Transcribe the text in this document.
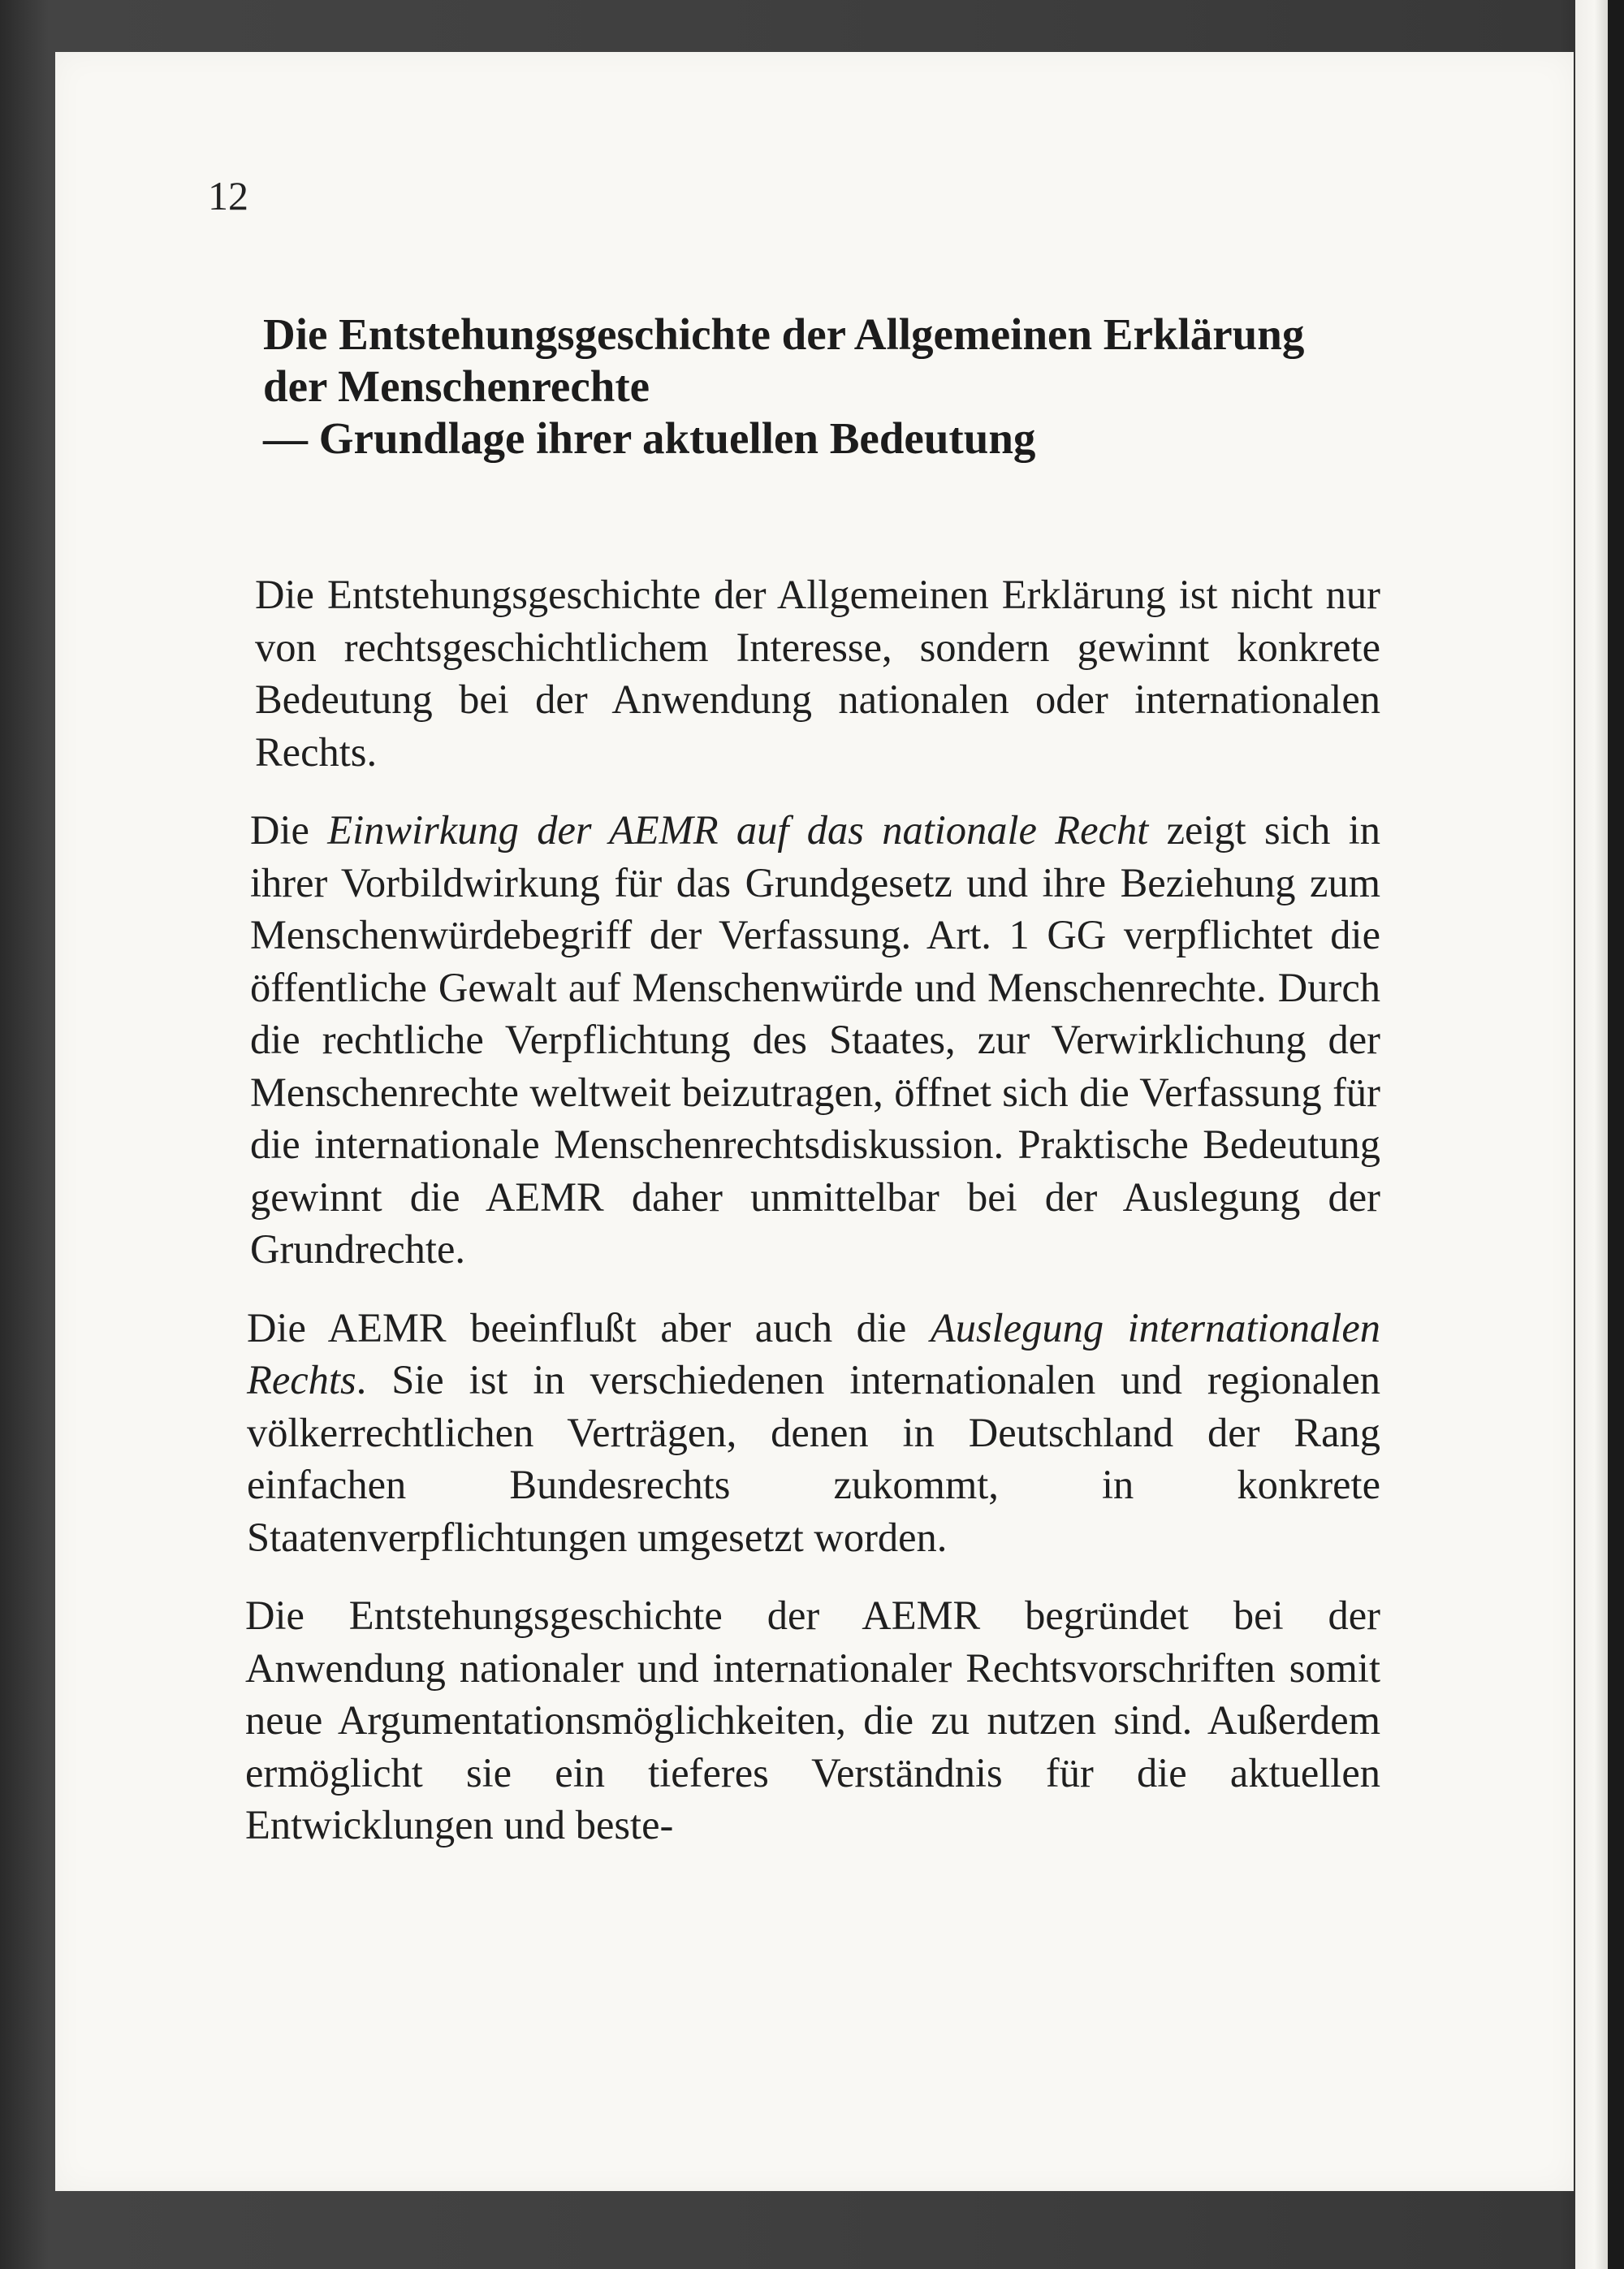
12
Die Entstehungsgeschichte der Allgemeinen Erklärung
der Menschenrechte
— Grundlage ihrer aktuellen Bedeutung

Die Entstehungsgeschichte der Allgemeinen Erklärung ist nicht nur von rechtsgeschichtlichem Interesse, sondern gewinnt konkrete Bedeutung bei der Anwendung nationalen oder internationalen Rechts.

Die Einwirkung der AEMR auf das nationale Recht zeigt sich in ihrer Vorbildwirkung für das Grundgesetz und ihre Beziehung zum Menschenwürdebegriff der Verfassung. Art. 1 GG verpflichtet die öffentliche Gewalt auf Menschenwürde und Menschenrechte. Durch die rechtliche Verpflichtung des Staates, zur Verwirklichung der Menschenrechte weltweit beizutragen, öffnet sich die Verfassung für die internationale Menschenrechtsdiskussion. Praktische Bedeutung gewinnt die AEMR daher unmittelbar bei der Auslegung der Grundrechte.

Die AEMR beeinflußt aber auch die Auslegung internationalen Rechts. Sie ist in verschiedenen internationalen und regionalen völkerrechtlichen Verträgen, denen in Deutschland der Rang einfachen Bundesrechts zukommt, in konkrete Staatenverpflichtungen umgesetzt worden.

Die Entstehungsgeschichte der AEMR begründet bei der Anwendung nationaler und internationaler Rechtsvorschriften somit neue Argumentationsmöglichkeiten, die zu nutzen sind. Außerdem ermöglicht sie ein tieferes Verständnis für die aktuellen Entwicklungen und beste-
